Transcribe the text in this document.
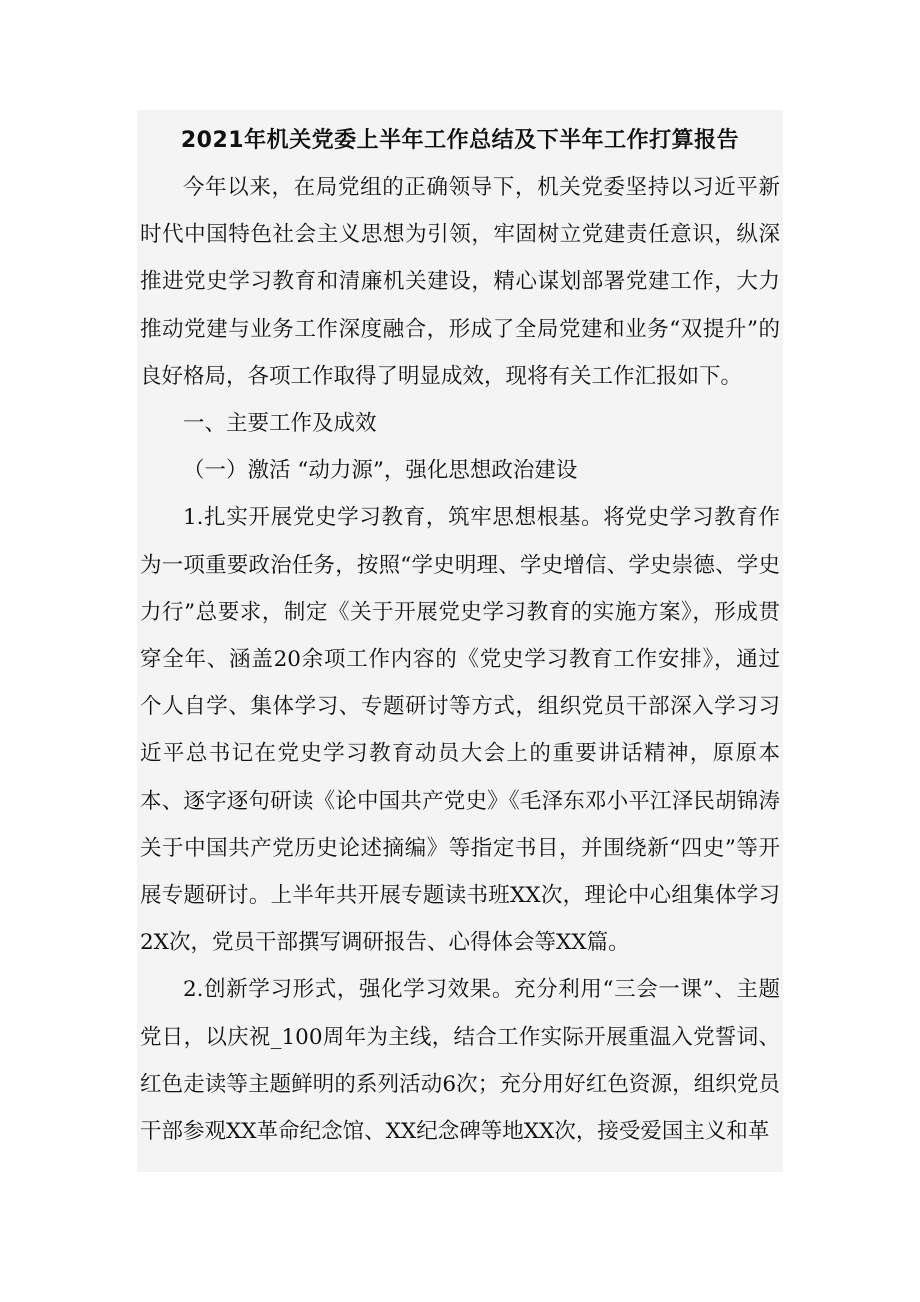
2021年机关党委上半年工作总结及下半年工作打算报告

今年以来，在局党组的正确领导下，机关党委坚持以习近平新时代中国特色社会主义思想为引领，牢固树立党建责任意识，纵深推进党史学习教育和清廉机关建设，精心谋划部署党建工作，大力推动党建与业务工作深度融合，形成了全局党建和业务“双提升”的良好格局，各项工作取得了明显成效，现将有关工作汇报如下。

一、主要工作及成效

（一）激活 “动力源”，强化思想政治建设

1.扎实开展党史学习教育，筑牢思想根基。将党史学习教育作为一项重要政治任务，按照“学史明理、学史增信、学史崇德、学史力行”总要求，制定《关于开展党史学习教育的实施方案》，形成贯穿全年、涵盖20余项工作内容的《党史学习教育工作安排》，通过个人自学、集体学习、专题研讨等方式，组织党员干部深入学习习近平总书记在党史学习教育动员大会上的重要讲话精神，原原本本、逐字逐句研读《论中国共产党史》《毛泽东邓小平江泽民胡锦涛关于中国共产党历史论述摘编》等指定书目，并围绕新“四史”等开展专题研讨。上半年共开展专题读书班XX次，理论中心组集体学习2X次，党员干部撰写调研报告、心得体会等XX篇。

2.创新学习形式，强化学习效果。充分利用“三会一课”、主题党日，以庆祝_100周年为主线，结合工作实际开展重温入党誓词、红色走读等主题鲜明的系列活动6次；充分用好红色资源，组织党员干部参观XX革命纪念馆、XX纪念碑等地XX次，接受爱国主义和革
